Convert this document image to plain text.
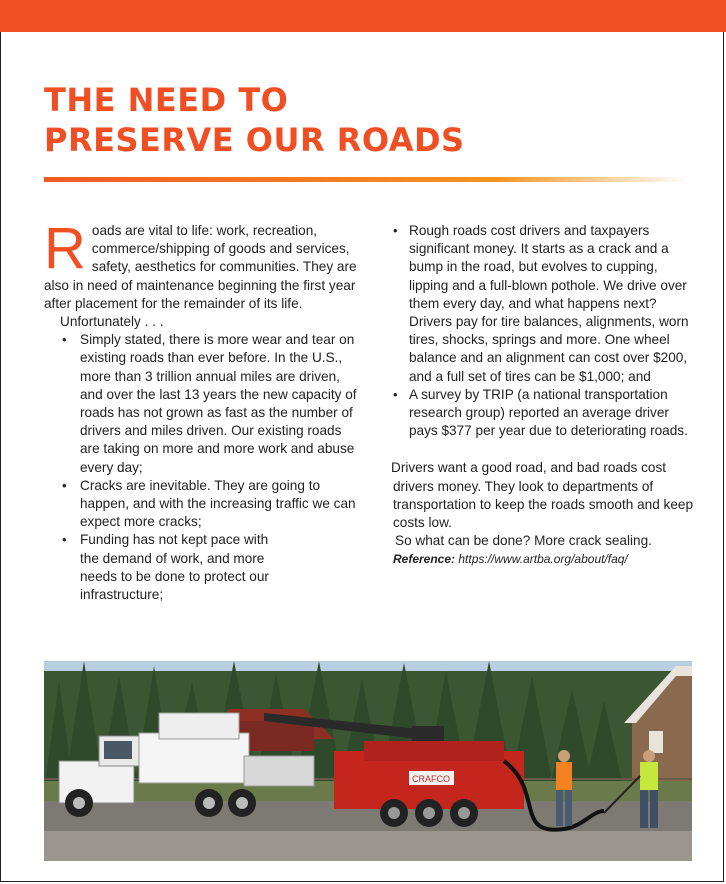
THE NEED TO
PRESERVE OUR ROADS

Roads are vital to life: work, recreation, commerce/shipping of goods and services, safety, aesthetics for communities. They are also in need of maintenance beginning the first year after placement for the remainder of its life.

Unfortunately . . .

• Simply stated, there is more wear and tear on existing roads than ever before. In the U.S., more than 3 trillion annual miles are driven, and over the last 13 years the new capacity of roads has not grown as fast as the number of drivers and miles driven. Our existing roads are taking on more and more work and abuse every day;
• Cracks are inevitable. They are going to happen, and with the increasing traffic we can expect more cracks;
• Funding has not kept pace with the demand of work, and more needs to be done to protect our infrastructure;
• Rough roads cost drivers and taxpayers significant money. It starts as a crack and a bump in the road, but evolves to cupping, lipping and a full-blown pothole. We drive over them every day, and what happens next? Drivers pay for tire balances, alignments, worn tires, shocks, springs and more. One wheel balance and an alignment can cost over $200, and a full set of tires can be $1,000; and
• A survey by TRIP (a national transportation research group) reported an average driver pays $377 per year due to deteriorating roads.

Drivers want a good road, and bad roads cost drivers money. They look to departments of transportation to keep the roads smooth and keep costs low.

So what can be done? More crack sealing.

Reference: https://www.artba.org/about/faq/

CRAFCO
